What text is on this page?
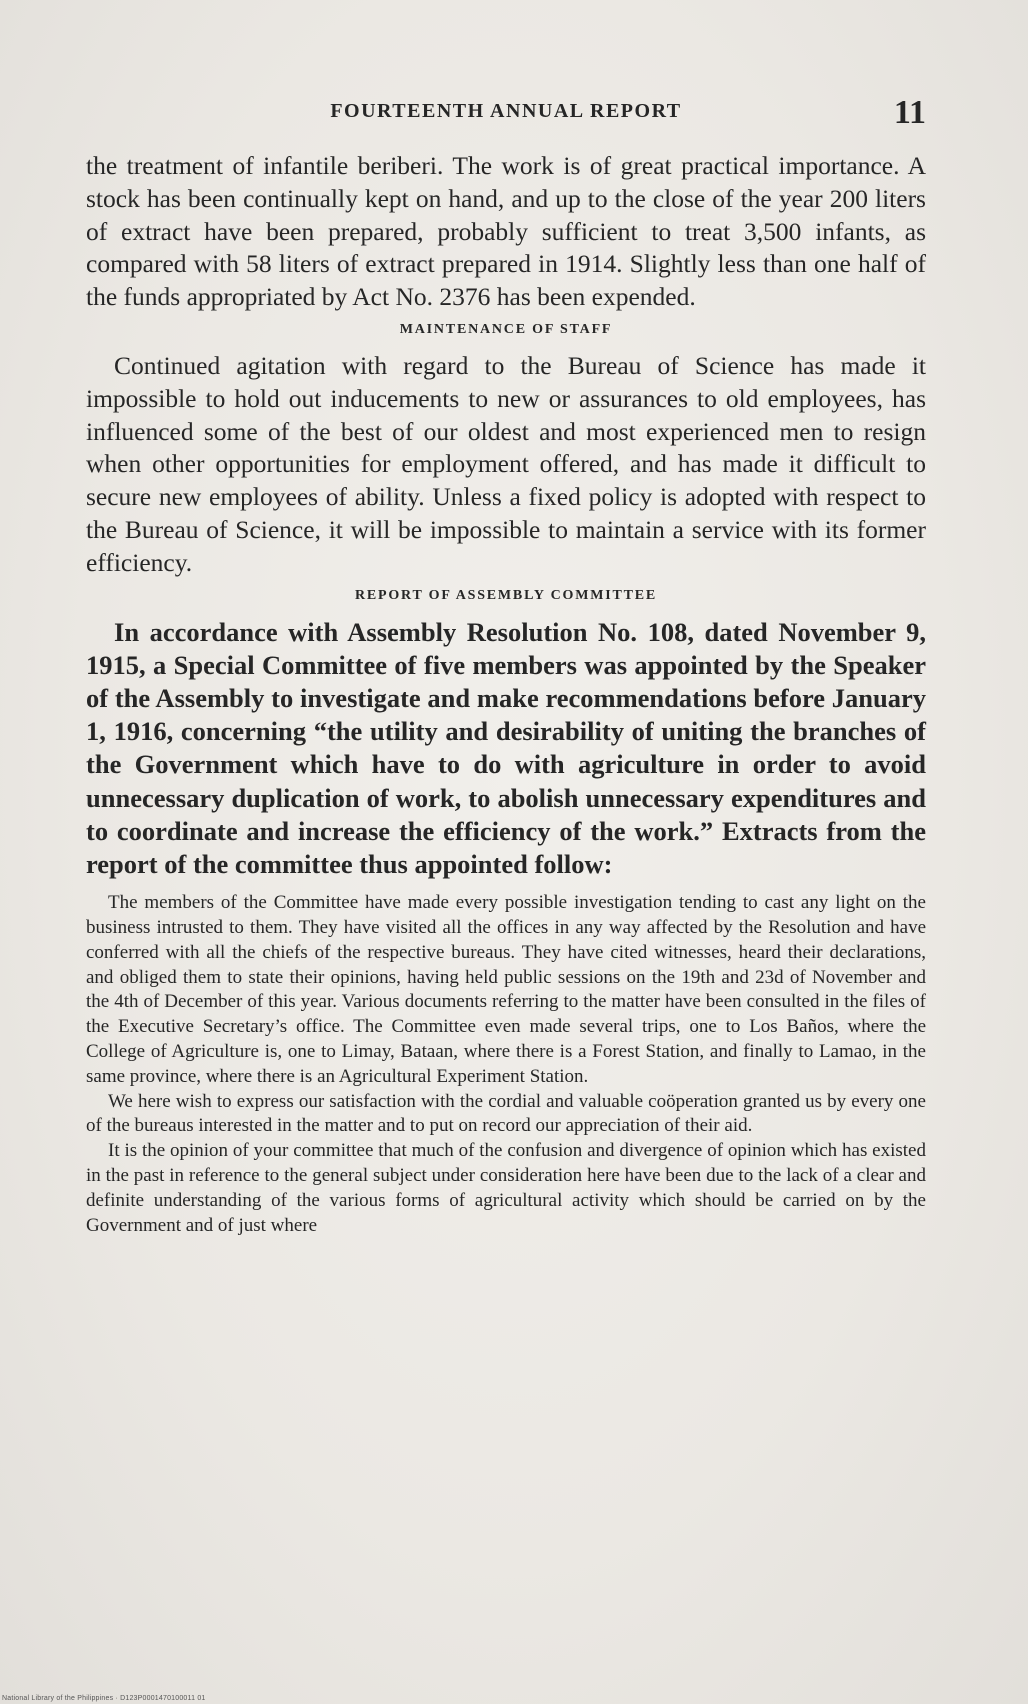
FOURTEENTH ANNUAL REPORT	11

the treatment of infantile beriberi. The work is of great practical importance. A stock has been continually kept on hand, and up to the close of the year 200 liters of extract have been prepared, probably sufficient to treat 3,500 infants, as compared with 58 liters of extract prepared in 1914. Slightly less than one half of the funds appropriated by Act No. 2376 has been expended.

MAINTENANCE OF STAFF

Continued agitation with regard to the Bureau of Science has made it impossible to hold out inducements to new or assurances to old employees, has influenced some of the best of our oldest and most experienced men to resign when other opportunities for employment offered, and has made it difficult to secure new employees of ability. Unless a fixed policy is adopted with respect to the Bureau of Science, it will be impossible to maintain a service with its former efficiency.

REPORT OF ASSEMBLY COMMITTEE

In accordance with Assembly Resolution No. 108, dated November 9, 1915, a Special Committee of five members was appointed by the Speaker of the Assembly to investigate and make recommendations before January 1, 1916, concerning “the utility and desirability of uniting the branches of the Government which have to do with agriculture in order to avoid unnecessary duplication of work, to abolish unnecessary expenditures and to coordinate and increase the efficiency of the work.” Extracts from the report of the committee thus appointed follow:

The members of the Committee have made every possible investigation tending to cast any light on the business intrusted to them. They have visited all the offices in any way affected by the Resolution and have conferred with all the chiefs of the respective bureaus. They have cited witnesses, heard their declarations, and obliged them to state their opinions, having held public sessions on the 19th and 23d of November and the 4th of December of this year. Various documents referring to the matter have been consulted in the files of the Executive Secretary’s office. The Committee even made several trips, one to Los Baños, where the College of Agriculture is, one to Limay, Bataan, where there is a Forest Station, and finally to Lamao, in the same province, where there is an Agricultural Experiment Station.

We here wish to express our satisfaction with the cordial and valuable coöperation granted us by every one of the bureaus interested in the matter and to put on record our appreciation of their aid.

It is the opinion of your committee that much of the confusion and divergence of opinion which has existed in the past in reference to the general subject under consideration here have been due to the lack of a clear and definite understanding of the various forms of agricultural activity which should be carried on by the Government and of just where

National Library of the Philippines · D123P0001470100011 01
